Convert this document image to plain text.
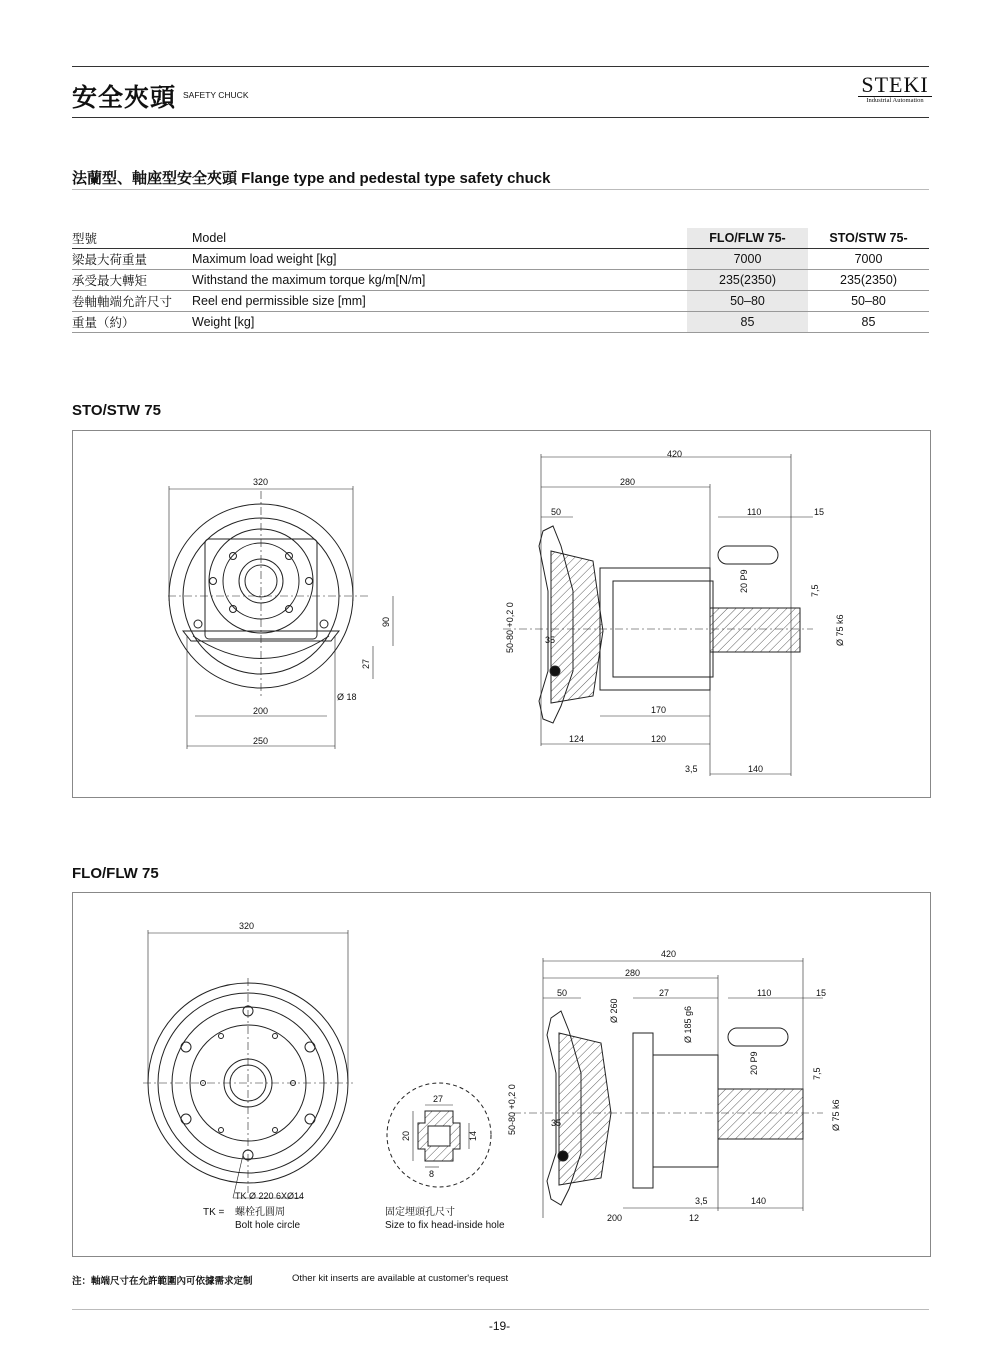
安全夾頭 SAFETY CHUCK	STEKI
Industrial Automation
法蘭型、軸座型安全夾頭 Flange type and pedestal type safety chuck
型號	Model	FLO/FLW 75-	STO/STW 75-
梁最大荷重量	Maximum load weight [kg]	7000	7000
承受最大轉矩	Withstand the maximum torque kg/m[N/m]	235(2350)	235(2350)
卷軸軸端允許尺寸	Reel end permissible size [mm]	50–80	50–80
重量（約）	Weight [kg]	85	85
STO/STW 75
320
200
250
90
27
Ø 18
420
280
50	110	15
20 P9	7,5
Ø 75 k6
50-80 +0,2 0	35
170
124	120
3,5	140
FLO/FLW 75
320
TK Ø 220 6XØ14
TK = 螺栓孔圓周
Bolt hole circle
27
20	14
8
固定埋頭孔尺寸
Size to fix head-inside hole
420
280
50
Ø 260
27
Ø 185 g6
110	15
20 P9	7,5
Ø 75 k6
50-80 +0,2 0	35
3,5	140
200	12
注：軸端尺寸在允許範圍內可依據需求定制	Other kit inserts are available at customer's request
-19-
